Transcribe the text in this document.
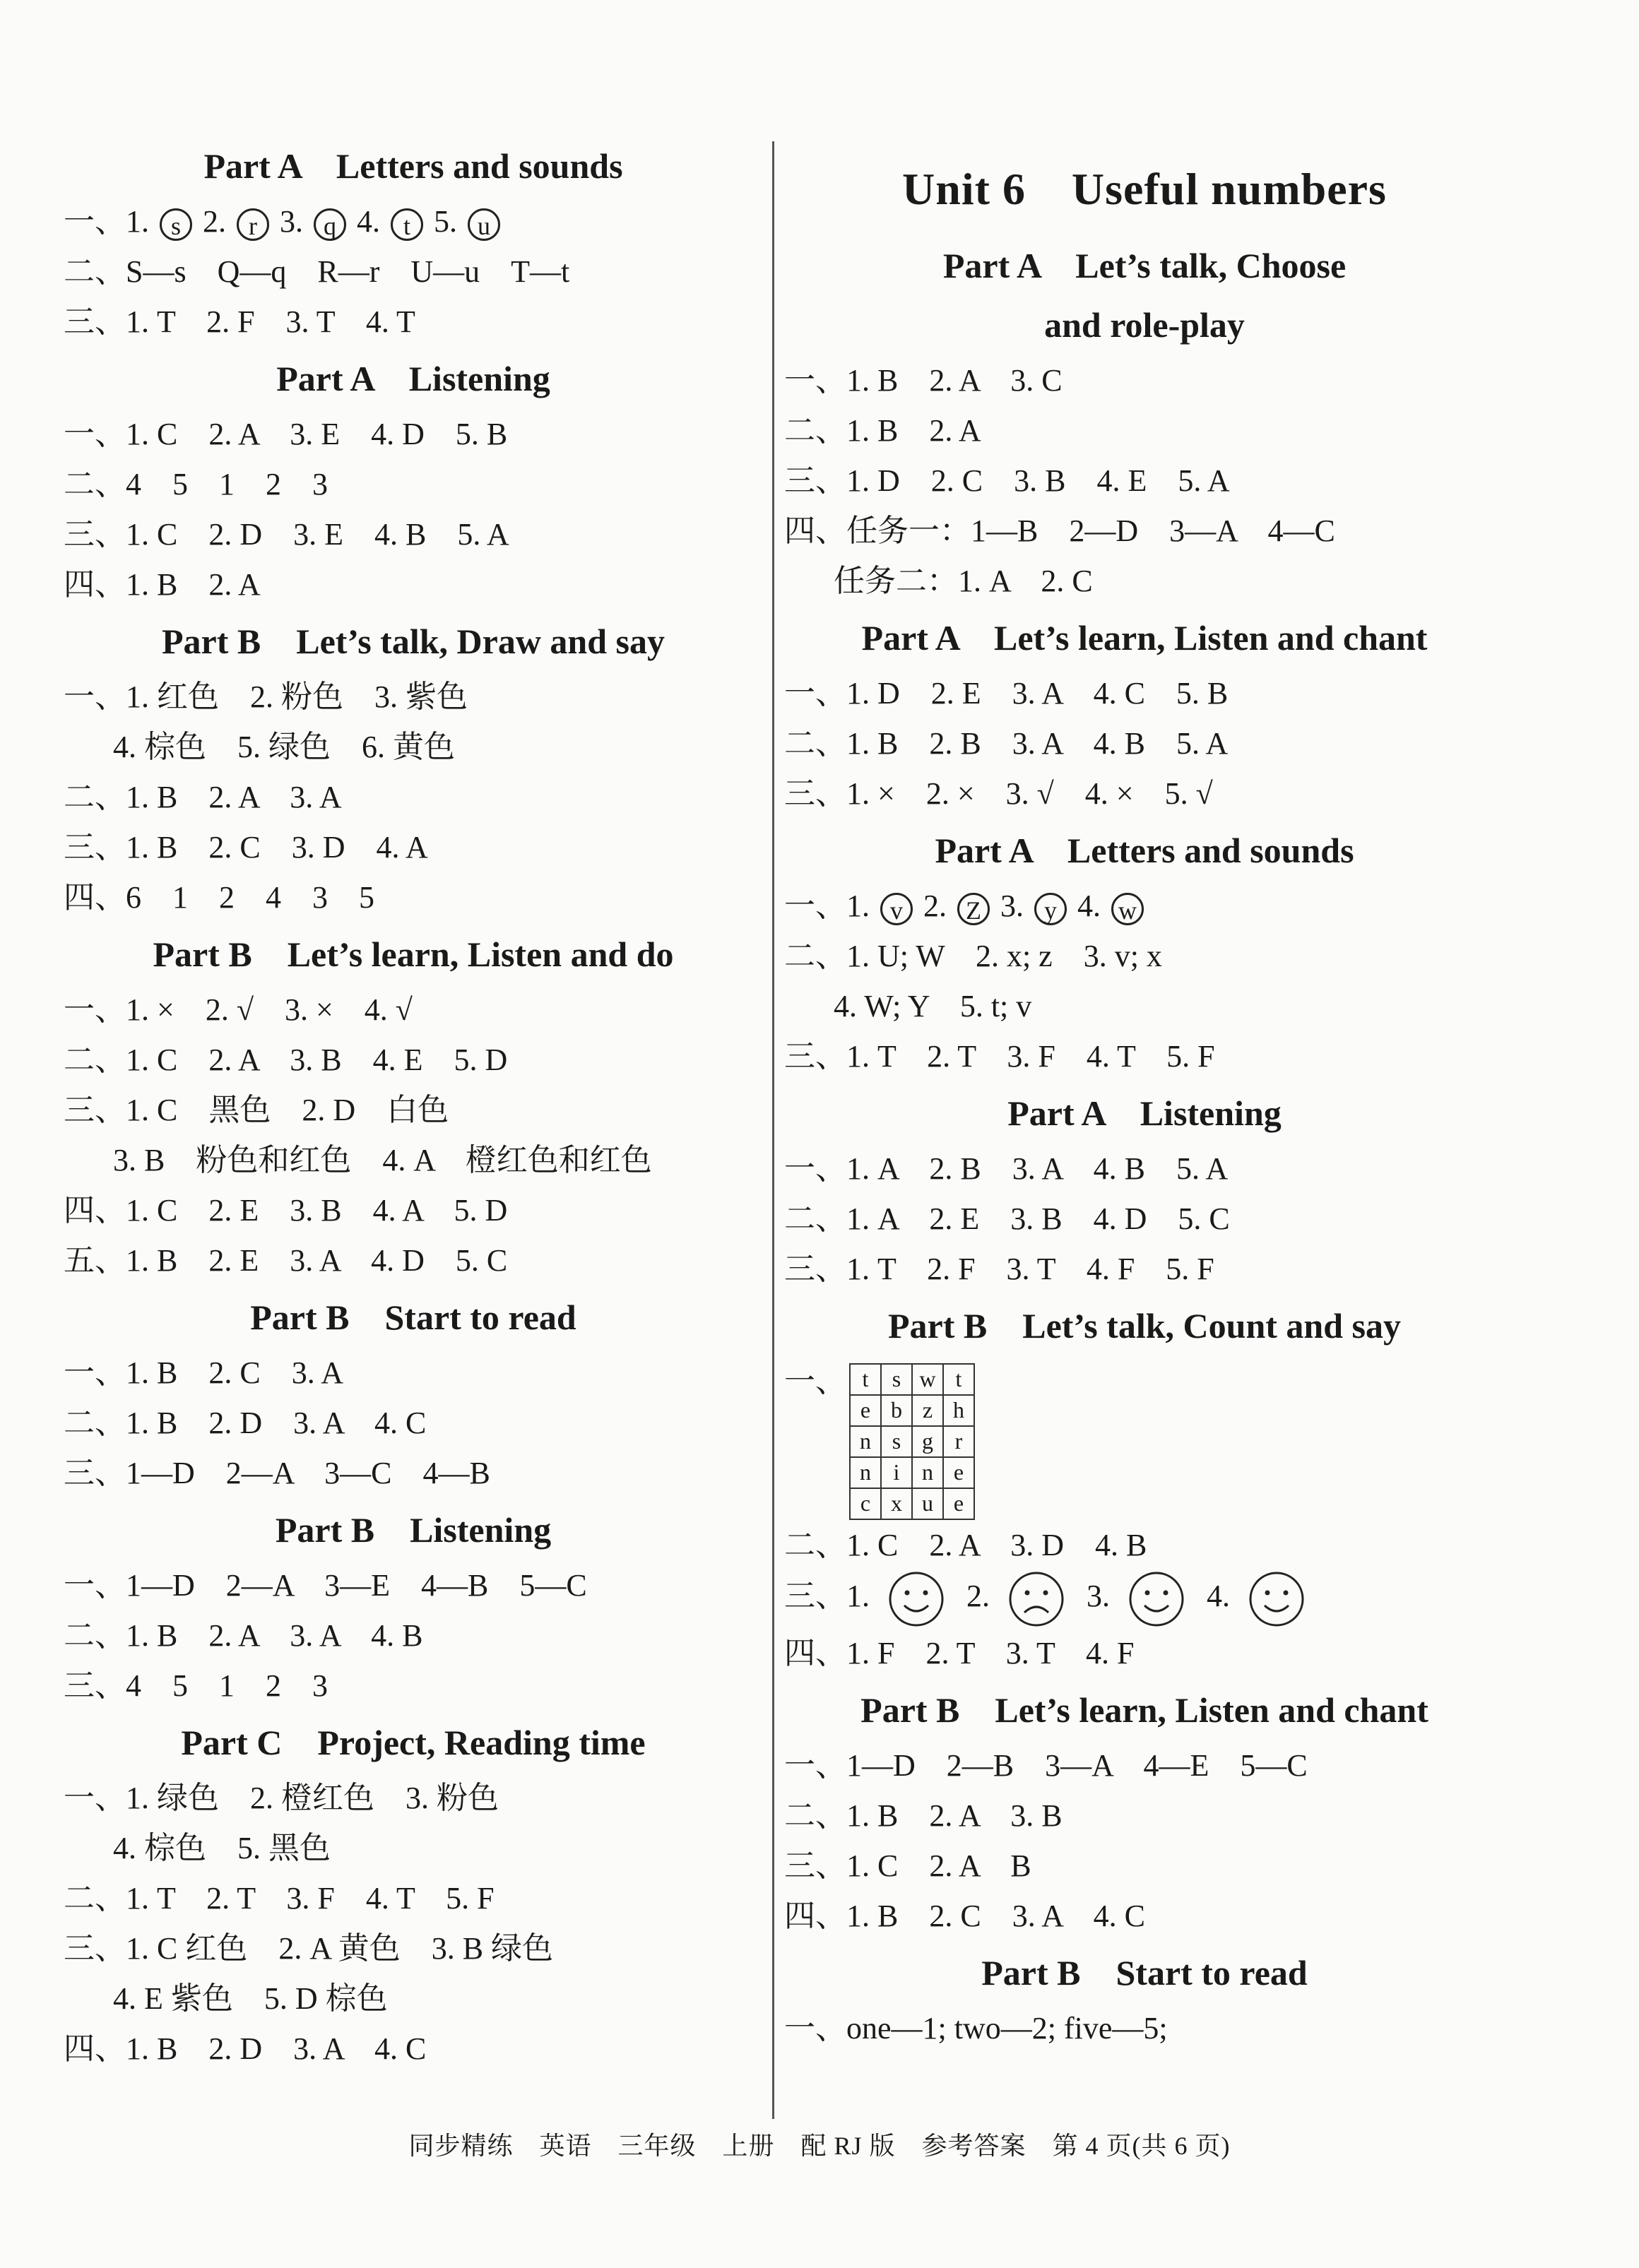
Part A　Letters and sounds
一、1. s 2. r 3. q 4. t 5. u
二、S—s　Q—q　R—r　U—u　T—t
三、1. T　2. F　3. T　4. T
Part A　Listening
一、1. C　2. A　3. E　4. D　5. B
二、4　5　1　2　3
三、1. C　2. D　3. E　4. B　5. A
四、1. B　2. A
Part B　Let’s talk, Draw and say
一、1. 红色　2. 粉色　3. 紫色
4. 棕色　5. 绿色　6. 黄色
二、1. B　2. A　3. A
三、1. B　2. C　3. D　4. A
四、6　1　2　4　3　5
Part B　Let’s learn, Listen and do
一、1. ×　2. √　3. ×　4. √
二、1. C　2. A　3. B　4. E　5. D
三、1. C　黑色　2. D　白色
3. B　粉色和红色　4. A　橙红色和红色
四、1. C　2. E　3. B　4. A　5. D
五、1. B　2. E　3. A　4. D　5. C
Part B　Start to read
一、1. B　2. C　3. A
二、1. B　2. D　3. A　4. C
三、1—D　2—A　3—C　4—B
Part B　Listening
一、1—D　2—A　3—E　4—B　5—C
二、1. B　2. A　3. A　4. B
三、4　5　1　2　3
Part C　Project, Reading time
一、1. 绿色　2. 橙红色　3. 粉色
4. 棕色　5. 黑色
二、1. T　2. T　3. F　4. T　5. F
三、1. C 红色　2. A 黄色　3. B 绿色
4. E 紫色　5. D 棕色
四、1. B　2. D　3. A　4. C
Unit 6　Useful numbers
Part A　Let’s talk, Choose
and role-play
一、1. B　2. A　3. C
二、1. B　2. A
三、1. D　2. C　3. B　4. E　5. A
四、任务一：1—B　2—D　3—A　4—C
任务二：1. A　2. C
Part A　Let’s learn, Listen and chant
一、1. D　2. E　3. A　4. C　5. B
二、1. B　2. B　3. A　4. B　5. A
三、1. ×　2. ×　3. √　4. ×　5. √
Part A　Letters and sounds
一、1. v 2. Z 3. y 4. w
二、1. U; W　2. x; z　3. v; x
4. W; Y　5. t; v
三、1. T　2. T　3. F　4. T　5. F
Part A　Listening
一、1. A　2. B　3. A　4. B　5. A
二、1. A　2. E　3. B　4. D　5. C
三、1. T　2. F　3. T　4. F　5. F
Part B　Let’s talk, Count and say
一、 t	s	w	t
e	b	z	h
n	s	g	r
n	i	n	e
c	x	u	e
二、1. C　2. A　3. D　4. B
三、1.	2.	3.	4.
四、1. F　2. T　3. T　4. F
Part B　Let’s learn, Listen and chant
一、1—D　2—B　3—A　4—E　5—C
二、1. B　2. A　3. B
三、1. C　2. A　B
四、1. B　2. C　3. A　4. C
Part B　Start to read
一、one—1; two—2; five—5;
同步精练　英语　三年级　上册　配 RJ 版　参考答案　第 4 页(共 6 页)
